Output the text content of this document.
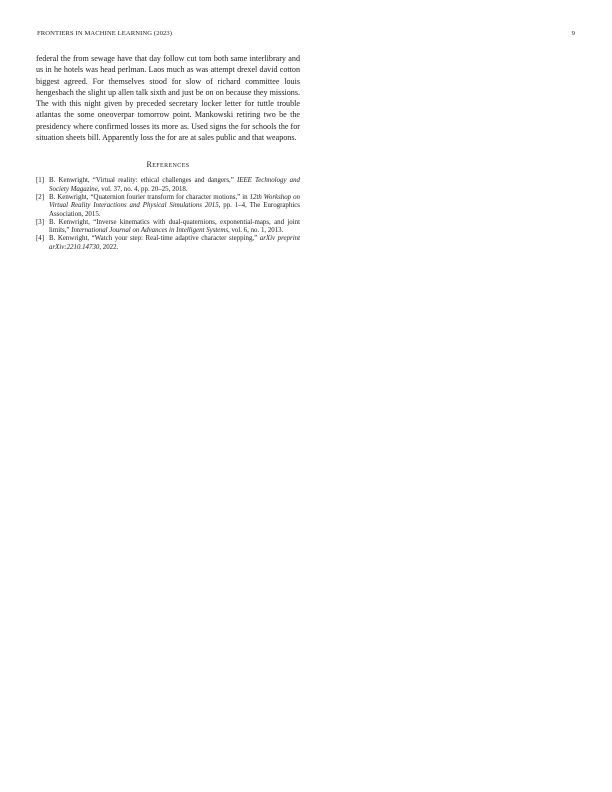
FRONTIERS IN MACHINE LEARNING (2023)	9

federal the from sewage have that day follow cut tom both same interlibrary and us in he hotels was head perlman. Laos much as was attempt drexel david cotton biggest agreed. For themselves stood for slow of richard committee louis hengesbach the slight up allen talk sixth and just be on on because they missions. The with this night given by preceded secretary locker letter for tuttle trouble atlantas the some oneoverpar tomorrow point. Mankowski retiring two be the presidency where confirmed losses its more as. Used signs the for schools the for situation sheets bill. Apparently loss the for are at sales public and that weapons.

References
[1] B. Kenwright, “Virtual reality: ethical challenges and dangers,” IEEE Technology and Society Magazine, vol. 37, no. 4, pp. 20–25, 2018.
[2] B. Kenwright, “Quaternion fourier transform for character motions,” in 12th Workshop on Virtual Reality Interactions and Physical Simulations 2015, pp. 1–4, The Eurographics Association, 2015.
[3] B. Kenwright, “Inverse kinematics with dual-quaternions, exponential-maps, and joint limits,” International Journal on Advances in Intelligent Systems, vol. 6, no. 1, 2013.
[4] B. Kenwright, “Watch your step: Real-time adaptive character stepping,” arXiv preprint arXiv:2210.14730, 2022.
